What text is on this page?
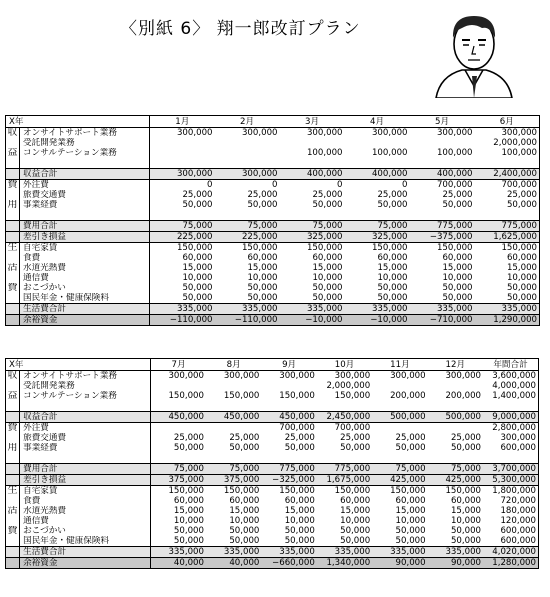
〈別紙 6〉 翔一郎改訂プラン
X年		1月	2月	3月	4月	5月	6月
収	オンサイトサポート業務	300,000	300,000	300,000	300,000	300,000	300,000
	受託開発業務						2,000,000
益	コンサルテーション業務			100,000	100,000	100,000	100,000

	収益合計	300,000	300,000	400,000	400,000	400,000	2,400,000
費	外注費	0	0	0	0	700,000	700,000
	旅費交通費	25,000	25,000	25,000	25,000	25,000	25,000
用	事業経費	50,000	50,000	50,000	50,000	50,000	50,000

	費用合計	75,000	75,000	75,000	75,000	775,000	775,000
	差引き損益	225,000	225,000	325,000	325,000	−375,000	1,625,000
生	自宅家賃	150,000	150,000	150,000	150,000	150,000	150,000
	食費	60,000	60,000	60,000	60,000	60,000	60,000
活	水道光熱費	15,000	15,000	15,000	15,000	15,000	15,000
	通信費	10,000	10,000	10,000	10,000	10,000	10,000
費	おこづかい	50,000	50,000	50,000	50,000	50,000	50,000
	国民年金・健康保険料	50,000	50,000	50,000	50,000	50,000	50,000
	生活費合計	335,000	335,000	335,000	335,000	335,000	335,000
	余裕資金	−110,000	−110,000	−10,000	−10,000	−710,000	1,290,000
X年		7月	8月	9月	10月	11月	12月	年間合計
収	オンサイトサポート業務	300,000	300,000	300,000	300,000	300,000	300,000	3,600,000
	受託開発業務				2,000,000			4,000,000
益	コンサルテーション業務	150,000	150,000	150,000	150,000	200,000	200,000	1,400,000

	収益合計	450,000	450,000	450,000	2,450,000	500,000	500,000	9,000,000
費	外注費			700,000	700,000			2,800,000
	旅費交通費	25,000	25,000	25,000	25,000	25,000	25,000	300,000
用	事業経費	50,000	50,000	50,000	50,000	50,000	50,000	600,000

	費用合計	75,000	75,000	775,000	775,000	75,000	75,000	3,700,000
	差引き損益	375,000	375,000	−325,000	1,675,000	425,000	425,000	5,300,000
生	自宅家賃	150,000	150,000	150,000	150,000	150,000	150,000	1,800,000
	食費	60,000	60,000	60,000	60,000	60,000	60,000	720,000
活	水道光熱費	15,000	15,000	15,000	15,000	15,000	15,000	180,000
	通信費	10,000	10,000	10,000	10,000	10,000	10,000	120,000
費	おこづかい	50,000	50,000	50,000	50,000	50,000	50,000	600,000
	国民年金・健康保険料	50,000	50,000	50,000	50,000	50,000	50,000	600,000
	生活費合計	335,000	335,000	335,000	335,000	335,000	335,000	4,020,000
	余裕資金	40,000	40,000	−660,000	1,340,000	90,000	90,000	1,280,000
